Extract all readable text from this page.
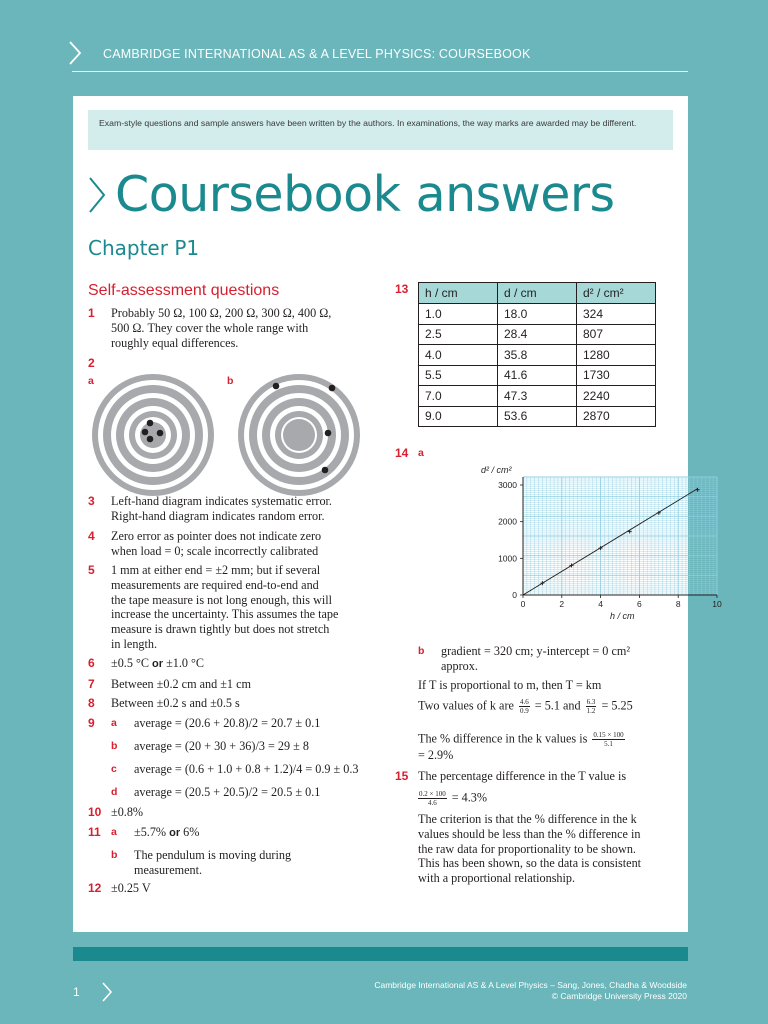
CAMBRIDGE INTERNATIONAL AS & A LEVEL PHYSICS: COURSEBOOK
Exam-style questions and sample answers have been written by the authors. In examinations, the way marks are awarded may be different.
Coursebook answers
Chapter P1
Self-assessment questions
1 Probably 50 Ω, 100 Ω, 200 Ω, 300 Ω, 400 Ω,
500 Ω. They cover the whole range with
roughly equal differences.
2
a	b
3 Left-hand diagram indicates systematic error.
Right-hand diagram indicates random error.
4 Zero error as pointer does not indicate zero
when load = 0; scale incorrectly calibrated
5 1 mm at either end = ±2 mm; but if several
measurements are required end-to-end and
the tape measure is not long enough, this will
increase the uncertainty. This assumes the tape
measure is drawn tightly but does not stretch
in length.
6 ±0.5 °C or ±1.0 °C
7 Between ±0.2 cm and ±1 cm
8 Between ±0.2 s and ±0.5 s
9 a average = (20.6 + 20.8)/2 = 20.7 ± 0.1
b average = (20 + 30 + 36)/3 = 29 ± 8
c average = (0.6 + 1.0 + 0.8 + 1.2)/4 = 0.9 ± 0.3
d average = (20.5 + 20.5)/2 = 20.5 ± 0.1
10 ±0.8%
11 a ±5.7% or 6%
b The pendulum is moving during
measurement.
12 ±0.25 V
13 h / cm	d / cm	d² / cm²
1.0	18.0	324
2.5	28.4	807
4.0	35.8	1280
5.5	41.6	1730
7.0	47.3	2240
9.0	53.6	2870
14 a
0	2	4	6	8	10
0
1000
2000
3000
d² / cm²
h / cm
b gradient = 320 cm; y-intercept = 0 cm²
approx.
If T is proportional to m, then T = km
Two values of k are $\frac{4.6}{0.9} = 5.1$ and $\frac{6.3}{1.2} = 5.25$
The % difference in the k values is $\frac{0.15 \times 100}{5.1}$
= 2.9%
15 The percentage difference in the T value is
$\frac{0.2 \times 100}{4.6} = 4.3\%$
The criterion is that the % difference in the k
values should be less than the % difference in
the raw data for proportionality to be shown.
This has been shown, so the data is consistent
with a proportional relationship.
1	Cambridge International AS & A Level Physics – Sang, Jones, Chadha & Woodside
© Cambridge University Press 2020
